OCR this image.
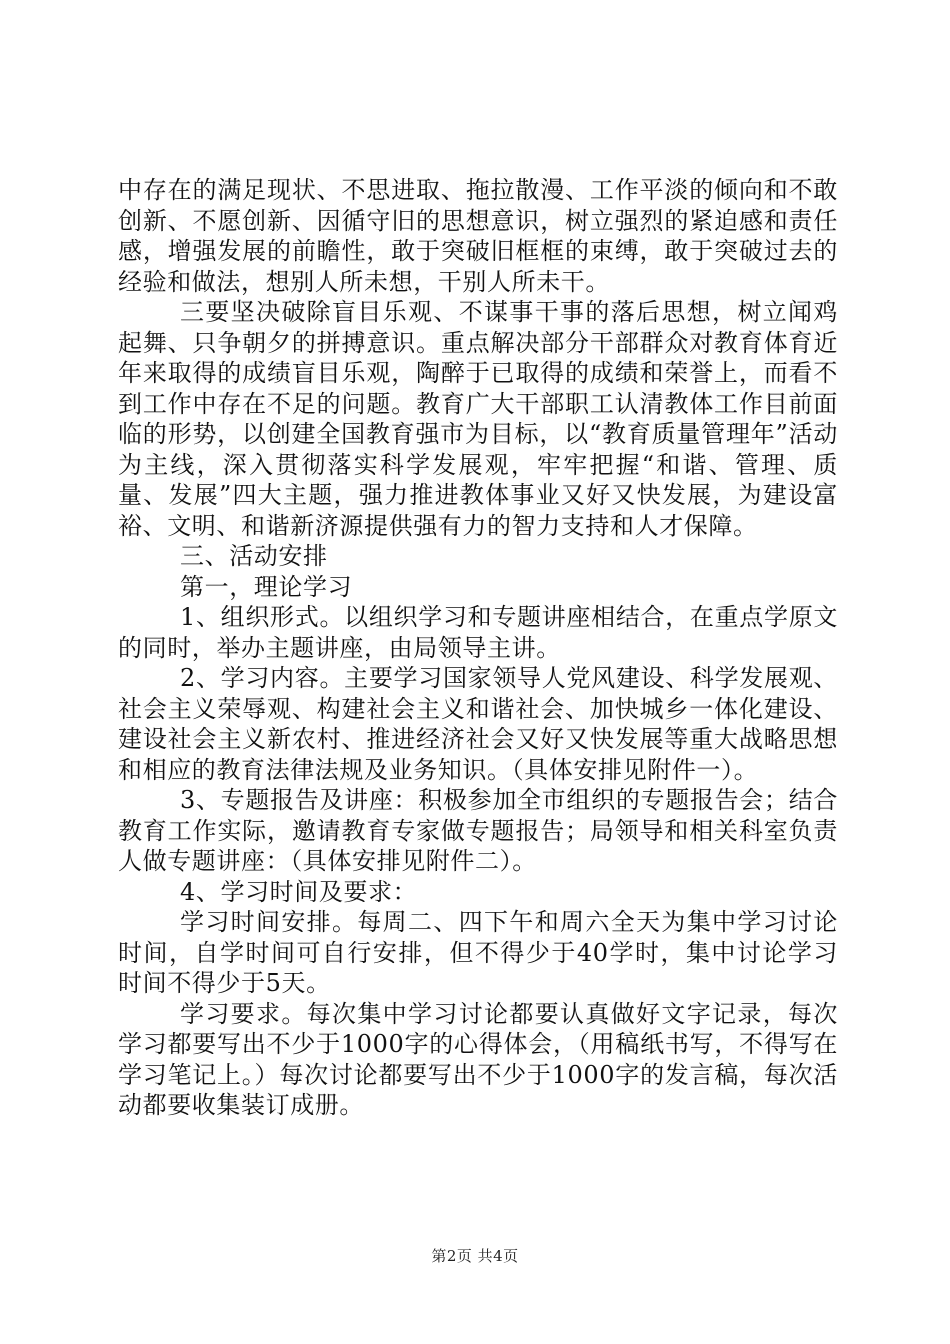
中存在的满足现状、不思进取、拖拉散漫、工作平淡的倾向和不敢创新、不愿创新、因循守旧的思想意识，树立强烈的紧迫感和责任感，增强发展的前瞻性，敢于突破旧框框的束缚，敢于突破过去的经验和做法，想别人所未想，干别人所未干。

三要坚决破除盲目乐观、不谋事干事的落后思想，树立闻鸡起舞、只争朝夕的拼搏意识。重点解决部分干部群众对教育体育近年来取得的成绩盲目乐观，陶醉于已取得的成绩和荣誉上，而看不到工作中存在不足的问题。教育广大干部职工认清教体工作目前面临的形势，以创建全国教育强市为目标，以“教育质量管理年”活动为主线，深入贯彻落实科学发展观，牢牢把握“和谐、管理、质量、发展”四大主题，强力推进教体事业又好又快发展，为建设富裕、文明、和谐新济源提供强有力的智力支持和人才保障。

三、活动安排

第一，理论学习

1、组织形式。以组织学习和专题讲座相结合，在重点学原文的同时，举办主题讲座，由局领导主讲。

2、学习内容。主要学习国家领导人党风建设、科学发展观、社会主义荣辱观、构建社会主义和谐社会、加快城乡一体化建设、建设社会主义新农村、推进经济社会又好又快发展等重大战略思想和相应的教育法律法规及业务知识。（具体安排见附件一）。

3、专题报告及讲座：积极参加全市组织的专题报告会；结合教育工作实际，邀请教育专家做专题报告；局领导和相关科室负责人做专题讲座：（具体安排见附件二）。

4、学习时间及要求：

学习时间安排。每周二、四下午和周六全天为集中学习讨论时间，自学时间可自行安排，但不得少于40学时，集中讨论学习时间不得少于5天。

学习要求。每次集中学习讨论都要认真做好文字记录，每次学习都要写出不少于1000字的心得体会，（用稿纸书写，不得写在学习笔记上。）每次讨论都要写出不少于1000字的发言稿，每次活动都要收集装订成册。

第2页 共4页
